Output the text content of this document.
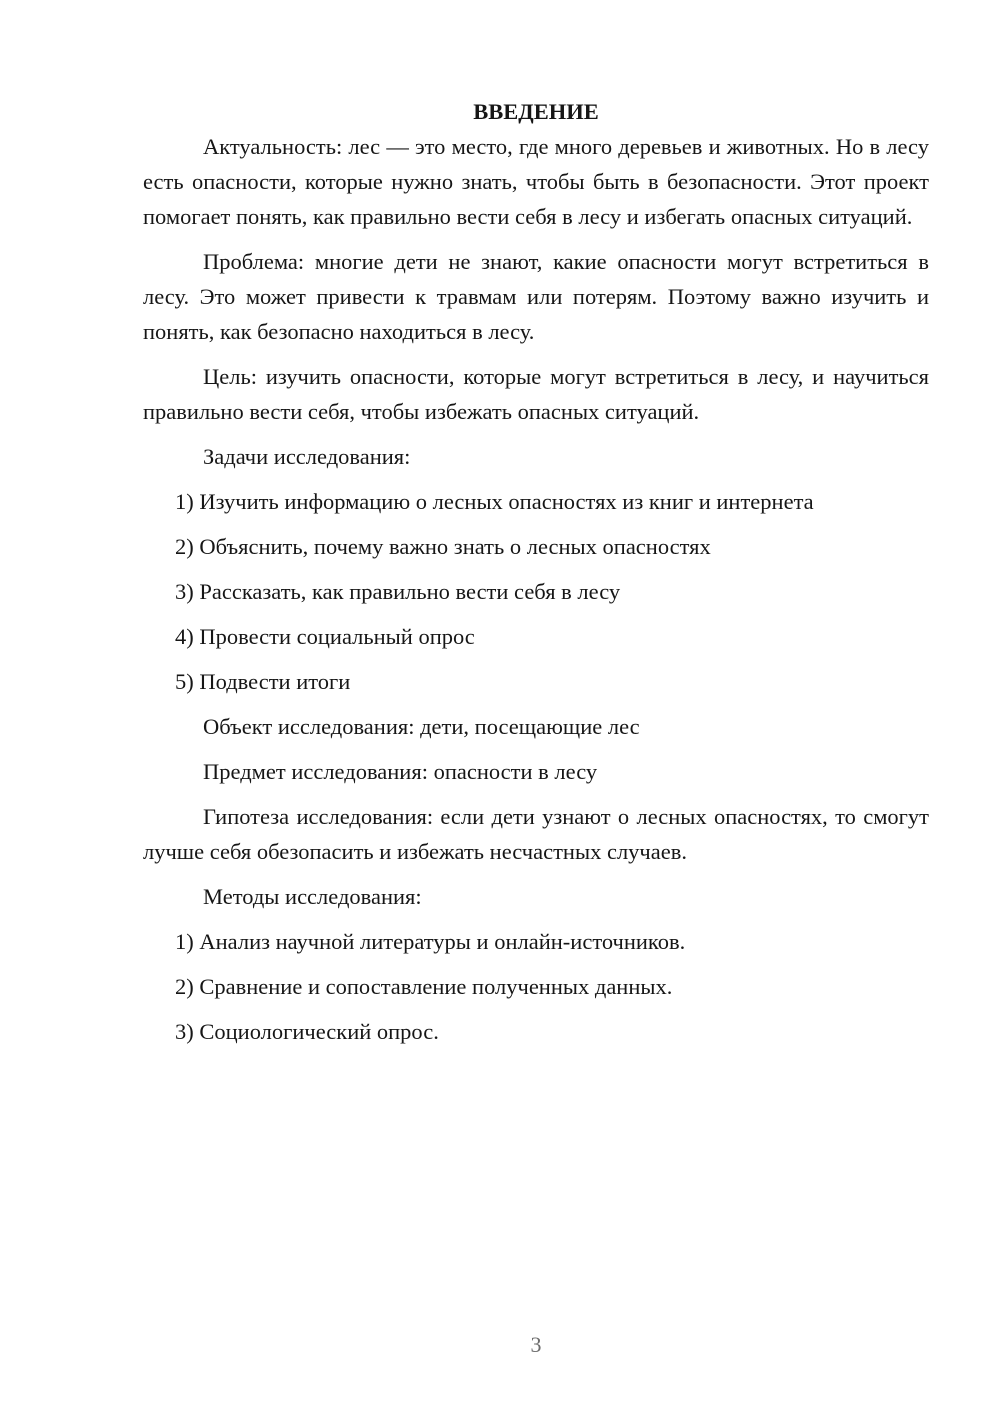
ВВЕДЕНИЕ

Актуальность: лес — это место, где много деревьев и животных. Но в лесу есть опасности, которые нужно знать, чтобы быть в безопасности. Этот проект помогает понять, как правильно вести себя в лесу и избегать опасных ситуаций.

Проблема: многие дети не знают, какие опасности могут встретиться в лесу. Это может привести к травмам или потерям. Поэтому важно изучить и понять, как безопасно находиться в лесу.

Цель: изучить опасности, которые могут встретиться в лесу, и научиться правильно вести себя, чтобы избежать опасных ситуаций.

Задачи исследования:

1) Изучить информацию о лесных опасностях из книг и интернета

2) Объяснить, почему важно знать о лесных опасностях

3) Рассказать, как правильно вести себя в лесу

4) Провести социальный опрос

5) Подвести итоги

Объект исследования: дети, посещающие лес

Предмет исследования: опасности в лесу

Гипотеза исследования: если дети узнают о лесных опасностях, то смогут лучше себя обезопасить и избежать несчастных случаев.

Методы исследования:

1) Анализ научной литературы и онлайн-источников.

2) Сравнение и сопоставление полученных данных.

3) Социологический опрос.

3
